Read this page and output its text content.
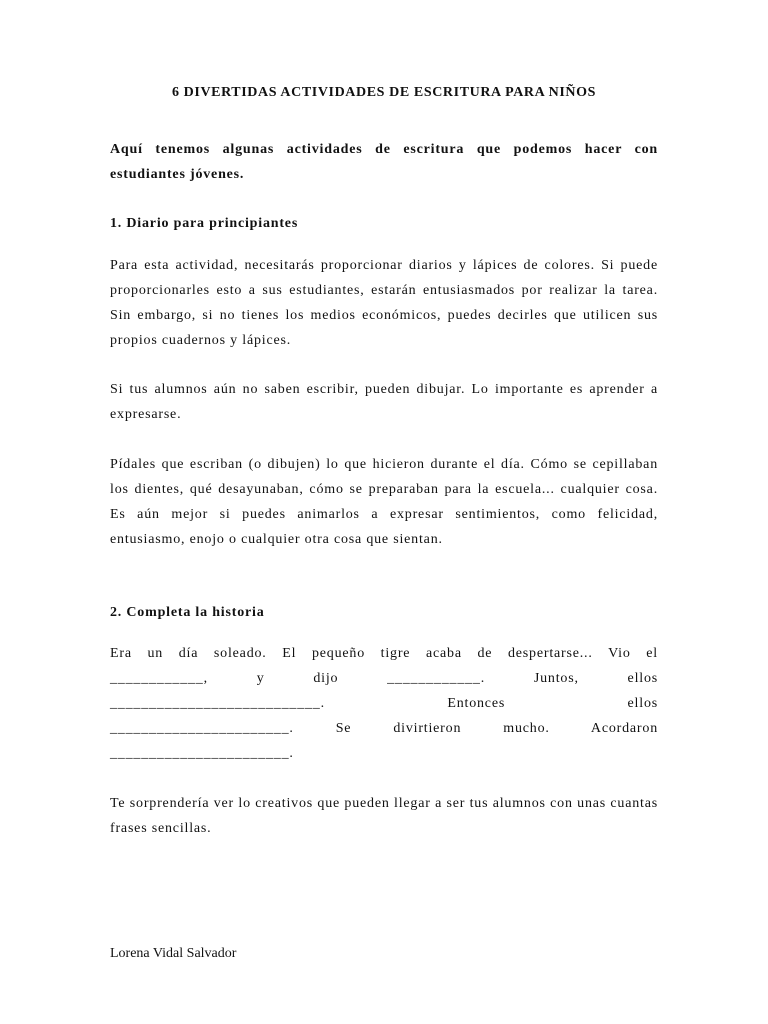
6 DIVERTIDAS ACTIVIDADES DE ESCRITURA PARA NIÑOS

Aquí tenemos algunas actividades de escritura que podemos hacer con estudiantes jóvenes.

1. Diario para principiantes

Para esta actividad, necesitarás proporcionar diarios y lápices de colores. Si puede proporcionarles esto a sus estudiantes, estarán entusiasmados por realizar la tarea. Sin embargo, si no tienes los medios económicos, puedes decirles que utilicen sus propios cuadernos y lápices.

Si tus alumnos aún no saben escribir, pueden dibujar. Lo importante es aprender a expresarse.

Pídales que escriban (o dibujen) lo que hicieron durante el día. Cómo se cepillaban los dientes, qué desayunaban, cómo se preparaban para la escuela... cualquier cosa. Es aún mejor si puedes animarlos a expresar sentimientos, como felicidad, entusiasmo, enojo o cualquier otra cosa que sientan.

2. Completa la historia
Era un día soleado. El pequeño tigre acaba de despertarse... Vio el
____________, y dijo ____________. Juntos, ellos
___________________________. Entonces ellos
_______________________. Se divirtieron mucho. Acordaron
_______________________.

Te sorprendería ver lo creativos que pueden llegar a ser tus alumnos con unas cuantas frases sencillas.

Lorena Vidal Salvador
